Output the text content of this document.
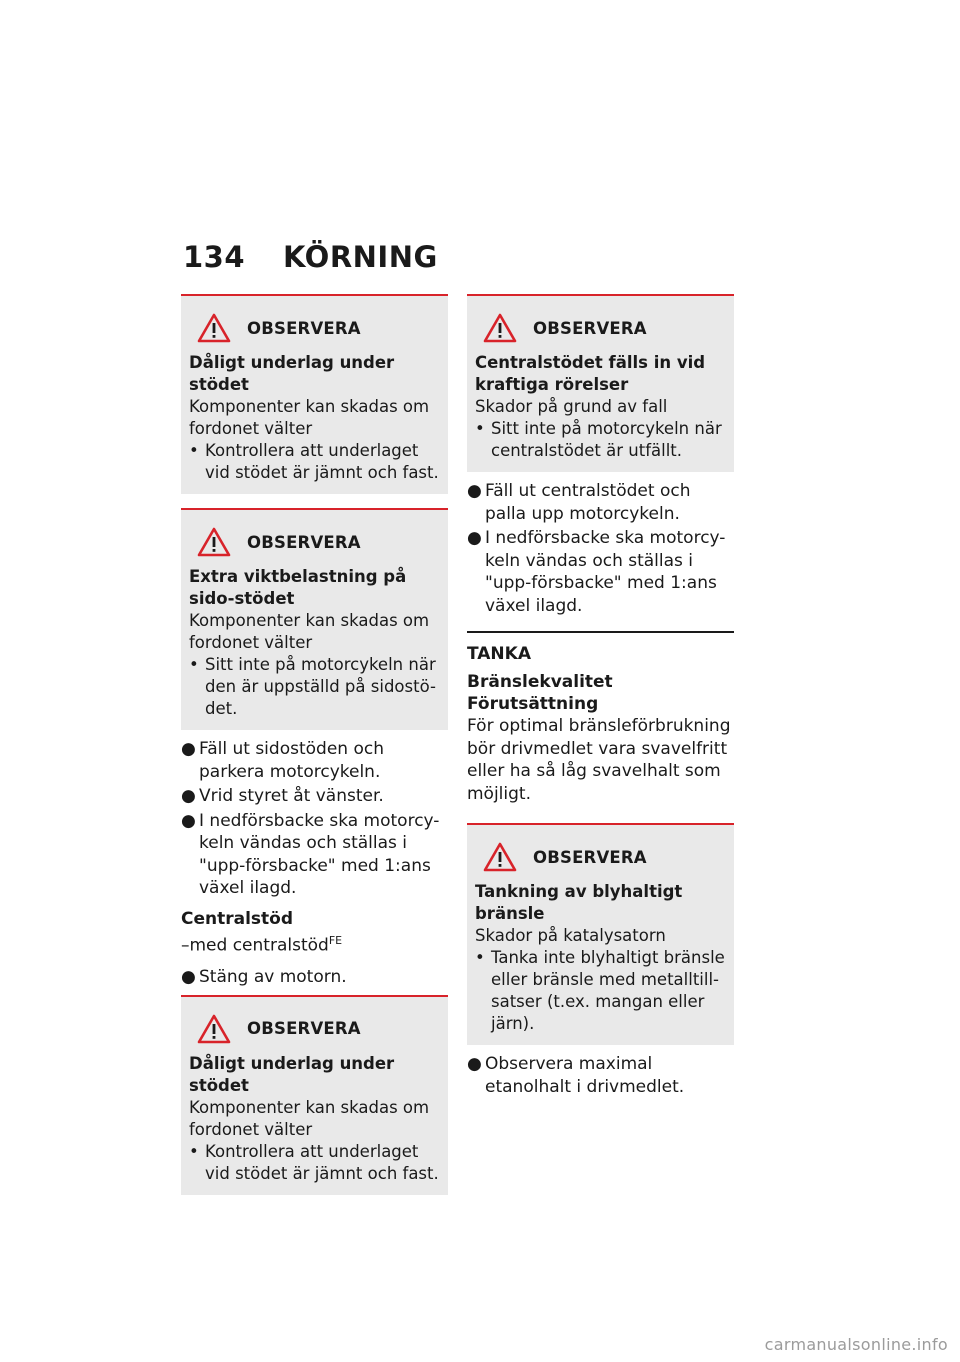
134 KÖRNING
OBSERVERA
Dåligt underlag under stödet
Komponenter kan skadas om fordonet välter
• Kontrollera att underlaget vid stödet är jämnt och fast.
OBSERVERA
Extra viktbelastning på sido-stödet
Komponenter kan skadas om fordonet välter
• Sitt inte på motorcykeln när den är uppställd på sidostö-det.
● Fäll ut sidostöden och parkera motorcykeln.
● Vrid styret åt vänster.
● I nedförsbacke ska motorcy-keln vändas och ställas i "upp-försbacke" med 1:ans växel ilagd.
Centralstöd
–med centralstöd$^{FE}$
● Stäng av motorn.
OBSERVERA
Dåligt underlag under stödet
Komponenter kan skadas om fordonet välter
• Kontrollera att underlaget vid stödet är jämnt och fast.
OBSERVERA
Centralstödet fälls in vid kraftiga rörelser
Skador på grund av fall
• Sitt inte på motorcykeln när centralstödet är utfällt.
● Fäll ut centralstödet och palla upp motorcykeln.
● I nedförsbacke ska motorcy-keln vändas och ställas i "upp-försbacke" med 1:ans växel ilagd.
TANKA
Bränslekvalitet
Förutsättning
För optimal bränsleförbrukning bör drivmedlet vara svavelfritt eller ha så låg svavelhalt som möjligt.
OBSERVERA
Tankning av blyhaltigt bränsle
Skador på katalysatorn
• Tanka inte blyhaltigt bränsle eller bränsle med metalltill-satser (t.ex. mangan eller järn).
● Observera maximal etanolhalt i drivmedlet.
carmanualsonline.info
